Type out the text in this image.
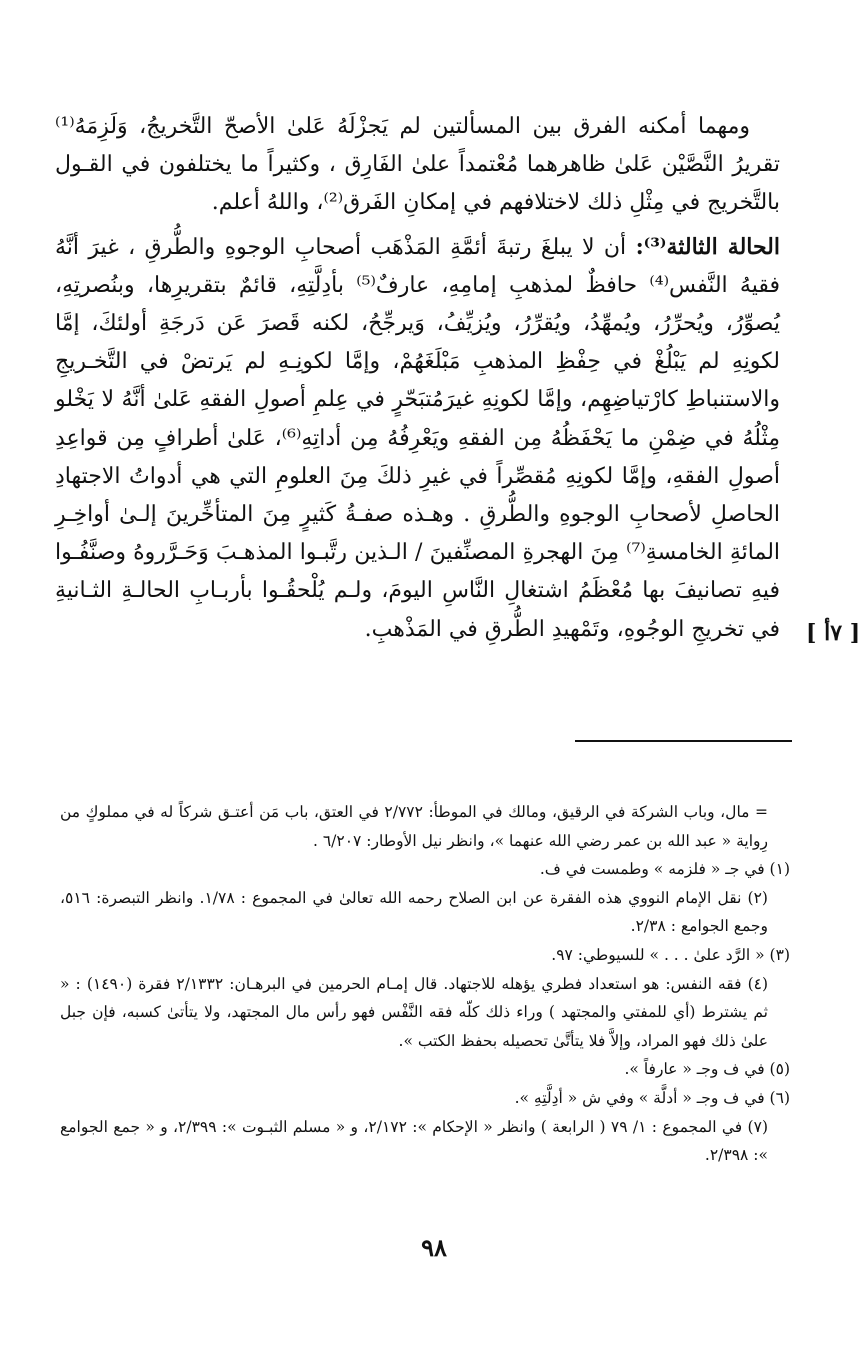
ومهما أمكنه الفرق بين المسألتين لم يَجزْلَهُ عَلىٰ الأصحّ التَّخريجُ، وَلَزِمَهُ⁽¹⁾ تقريرُ النَّصَّيْن عَلىٰ ظاهرهما مُعْتمداً علىٰ الفَارِق ، وكثيراً ما يختلفون في القـول بالتَّخريج في مِثْلِ ذلك لاختلافهم في إمكانِ الفَرق⁽²⁾، واللهُ أعلم.

الحالة الثالثة⁽³⁾: أن لا يبلغَ رتبةَ أئمَّةِ المَذْهَب أصحابِ الوجوهِ والطُّرقِ ، غيرَ أنَّهُ فقيهُ النَّفس⁽⁴⁾ حافظٌ لمذهبِ إمامِهِ، عارفٌ⁽⁵⁾ بأدِلَّتِهِ، قائمٌ بتقريرِها، وبنُصرتِهِ، يُصوِّرُ، ويُحرِّرُ، ويُمهِّدُ، ويُقرِّرُ، ويُزيِّفُ، وَيرجِّحُ، لكنه قَصرَ عَن دَرجَةِ أولئكَ، إمَّا لكونِهِ لم يَبْلُغْ في حِفْظِ المذهبِ مَبْلَغَهُمْ، وإمَّا لكونِـهِ لم يَرتضْ في التَّخـريجِ والاستنباطِ كارْتياضِهِم، وإمَّا لكونِهِ غيرَمُتبَحّرٍ في عِلمِ أصولِ الفقهِ عَلىٰ أنَّهُ لا يَخْلو مِثْلُهُ في ضِمْنِ ما يَحْفَظُهُ مِن الفقهِ ويَعْرِفُهُ مِن أداتِهِ⁽⁶⁾، عَلىٰ أطرافٍ مِن قواعِدِ أصولِ الفقهِ، وإمَّا لكونِهِ مُقصِّراً في غيرِ ذلكَ مِنَ العلومِ التي هي أدواتُ الاجتهادِ الحاصلِ لأصحابِ الوجوهِ والطُّرقِ . وهـذه صفـةُ كَثيرٍ مِنَ المتأخِّرينَ إلـىٰ أواخِـرِ المائةِ الخامسةِ⁽⁷⁾ مِنَ الهجرةِ المصنِّفينَ / الـذين رتَّبـوا المذهـبَ وَحَـرَّروهُ وصنَّفُـوا فيهِ تصانيفَ بها مُعْظَمُ اشتغالِ النَّاسِ اليومَ، ولـم يُلْحقُـوا بأربـابِ الحالـةِ الثـانيةِ في تخريجِ الوجُوهِ، وتَمْهيدِ الطُّرقِ في المَذْهبِ. [ ٧أ ]

= مال، وباب الشركة في الرقيق، ومالك في الموطأ: ٢/٧٧٢ في العتق، باب مَن أعتـق شركاً له في مملوكٍ من رِواية « عبد الله بن عمر رضي الله عنهما »، وانظر نيل الأوطار: ٦/٢٠٧ .

(١) في جـ « فلزمه » وطمست في ف.

(٢) نقل الإمام النووي هذه الفقرة عن ابن الصلاح رحمه الله تعالىٰ في المجموع : ١/٧٨. وانظر التبصرة: ٥١٦، وجمع الجوامع : ٢/٣٨.

(٣) « الرَّد علىٰ . . . » للسيوطي: ٩٧.

(٤) فقه النفس: هو استعداد فطري يؤهله للاجتهاد. قال إمـام الحرمين في البرهـان: ٢/١٣٣٢ فقرة (١٤٩٠) : « ثم يشترط (أي للمفتي والمجتهد ) وراء ذلك كلّه فقه النَّفْس فهو رأس مال المجتهد، ولا يتأتىٰ كسبه، فإن جبل علىٰ ذلك فهو المراد، وإلاَّ فلا يتأتَّىٰ تحصيله بحفظ الكتب ».

(٥) في ف وجـ « عارفاً ».

(٦) في ف وجـ « أدلَّة » وفي ش « أدِلَّتِهِ ».

(٧) في المجموع : ١/ ٧٩ ( الرابعة ) وانظر « الإحكام »: ٢/١٧٢، و « مسلم الثبـوت »: ٢/٣٩٩، و « جمع الجوامع »: ٢/٣٩٨.

٩٨
